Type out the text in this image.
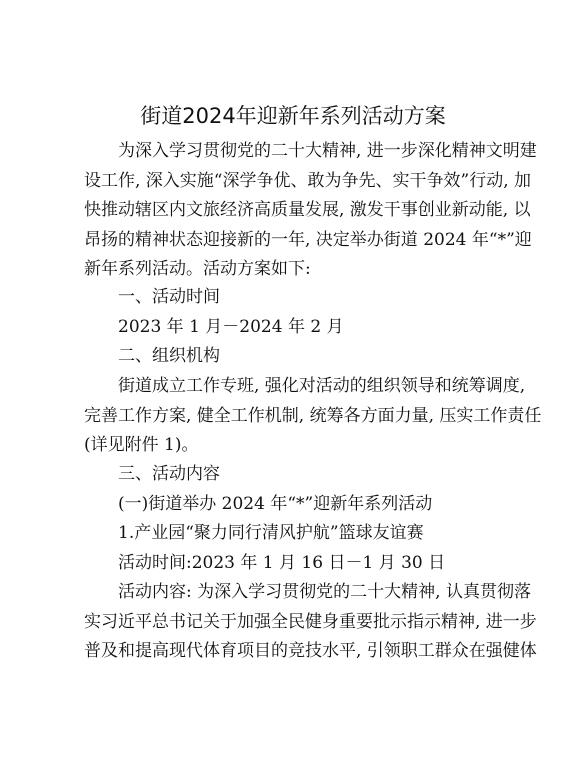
街道2024年迎新年系列活动方案
为深入学习贯彻党的二十大精神, 进一步深化精神文明建
设工作, 深入实施“深学争优、敢为争先、实干争效”行动, 加
快推动辖区内文旅经济高质量发展, 激发干事创业新动能, 以
昂扬的精神状态迎接新的一年, 决定举办街道 2024 年“*”迎
新年系列活动。活动方案如下:
一、活动时间
2023 年 1 月－2024 年 2 月
二、组织机构
街道成立工作专班, 强化对活动的组织领导和统筹调度,
完善工作方案, 健全工作机制, 统筹各方面力量, 压实工作责任
(详见附件 1)。
三、活动内容
(一)街道举办 2024 年“*”迎新年系列活动
1.产业园“聚力同行清风护航”篮球友谊赛
活动时间:2023 年 1 月 16 日－1 月 30 日
活动内容: 为深入学习贯彻党的二十大精神, 认真贯彻落
实习近平总书记关于加强全民健身重要批示指示精神, 进一步
普及和提高现代体育项目的竞技水平, 引领职工群众在强健体
